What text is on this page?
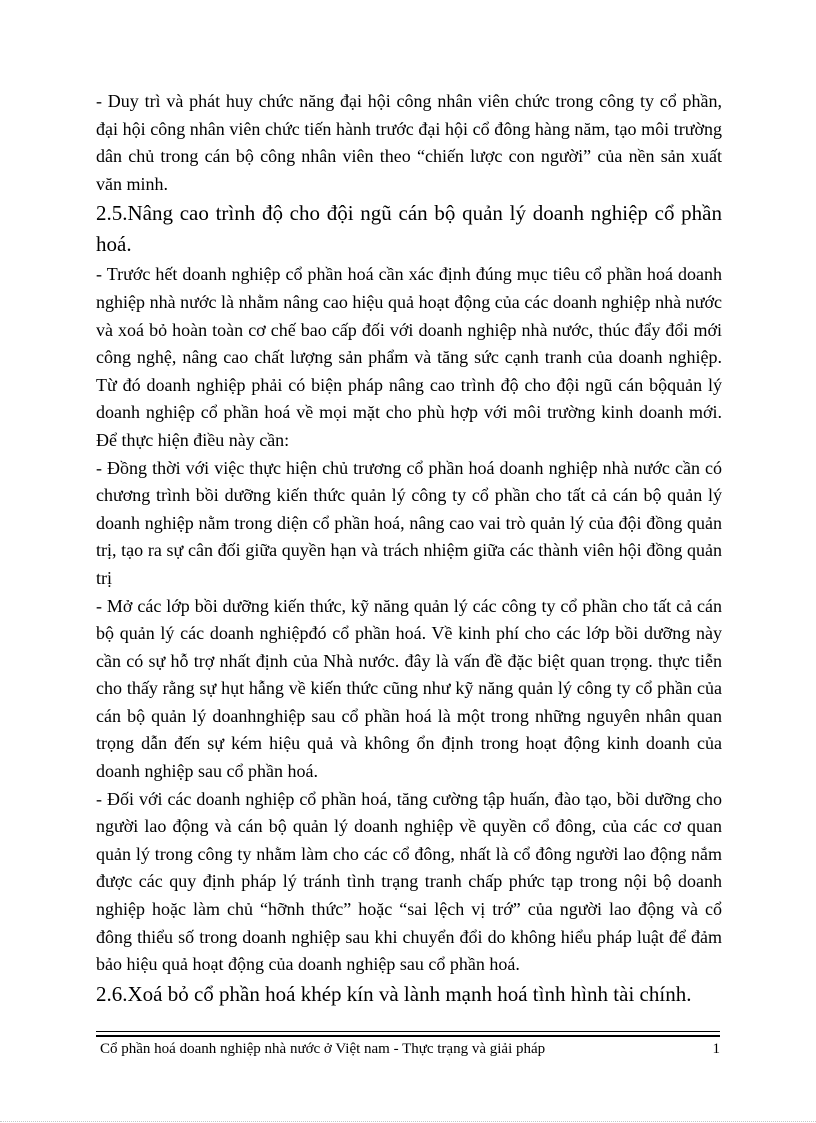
- Duy trì và phát huy chức năng đại hội công nhân viên chức trong công ty cổ phần, đại hội công nhân viên chức tiến hành trước đại hội cổ đông hàng năm, tạo môi trường dân chủ trong cán bộ công nhân viên theo “chiến lược con người” của nền sản xuất văn minh.

2.5.Nâng cao trình độ cho đội ngũ cán bộ quản lý doanh nghiệp cổ phần hoá.

- Trước hết doanh nghiệp cổ phần hoá cần xác định đúng mục tiêu cổ phần hoá doanh nghiệp nhà nước là nhằm nâng cao hiệu quả hoạt động của các doanh nghiệp nhà nước và xoá bỏ hoàn toàn cơ chế bao cấp đối với doanh nghiệp nhà nước, thúc đẩy đổi mới công nghệ, nâng cao chất lượng sản phẩm và tăng sức cạnh tranh của doanh nghiệp. Từ đó doanh nghiệp phải có biện pháp nâng cao trình độ cho đội ngũ cán bộquản lý doanh nghiệp cổ phần hoá về mọi mặt cho phù hợp với môi trường kinh doanh mới. Để thực hiện điều này cần:

- Đồng thời với việc thực hiện chủ trương cổ phần hoá doanh nghiệp nhà nước cần có chương trình bồi dưỡng kiến thức quản lý công ty cổ phần cho tất cả cán bộ quản lý doanh nghiệp nằm trong diện cổ phần hoá, nâng cao vai trò quản lý của đội đồng quản trị, tạo ra sự cân đối giữa quyền hạn và trách nhiệm giữa các thành viên hội đồng quản trị

- Mở các lớp bồi dưỡng kiến thức, kỹ năng quản lý các công ty cổ phần cho tất cả cán bộ quản lý các doanh nghiệpđó cổ phần hoá. Về kinh phí cho các lớp bồi dưỡng này cần có sự hỗ trợ nhất định của Nhà nước. đây là vấn đề đặc biệt quan trọng. thực tiễn cho thấy rằng sự hụt hẫng về kiến thức cũng như kỹ năng quản lý công ty cổ phần của cán bộ quản lý doanhnghiệp sau cổ phần hoá là một trong những nguyên nhân quan trọng dẫn đến sự kém hiệu quả và không ổn định trong hoạt động kinh doanh của doanh nghiệp sau cổ phần hoá.

- Đối với các doanh nghiệp cổ phần hoá, tăng cường tập huấn, đào tạo, bồi dưỡng cho người lao động và cán bộ quản lý doanh nghiệp về quyền cổ đông, của các cơ quan quản lý trong công ty nhằm làm cho các cổ đông, nhất là cổ đông người lao động nắm được các quy định pháp lý tránh tình trạng tranh chấp phức tạp trong nội bộ doanh nghiệp hoặc làm chủ “hỡnh thức” hoặc “sai lệch vị trớ” của người lao động và cổ đông thiểu số trong doanh nghiệp sau khi chuyển đổi do không hiểu pháp luật để đảm bảo hiệu quả hoạt động của doanh nghiệp sau cổ phần hoá.

2.6.Xoá bỏ cổ phần hoá khép kín và lành mạnh hoá tình hình tài chính.

Cổ phần hoá doanh nghiệp nhà nước ở Việt nam - Thực trạng và giải pháp	1
